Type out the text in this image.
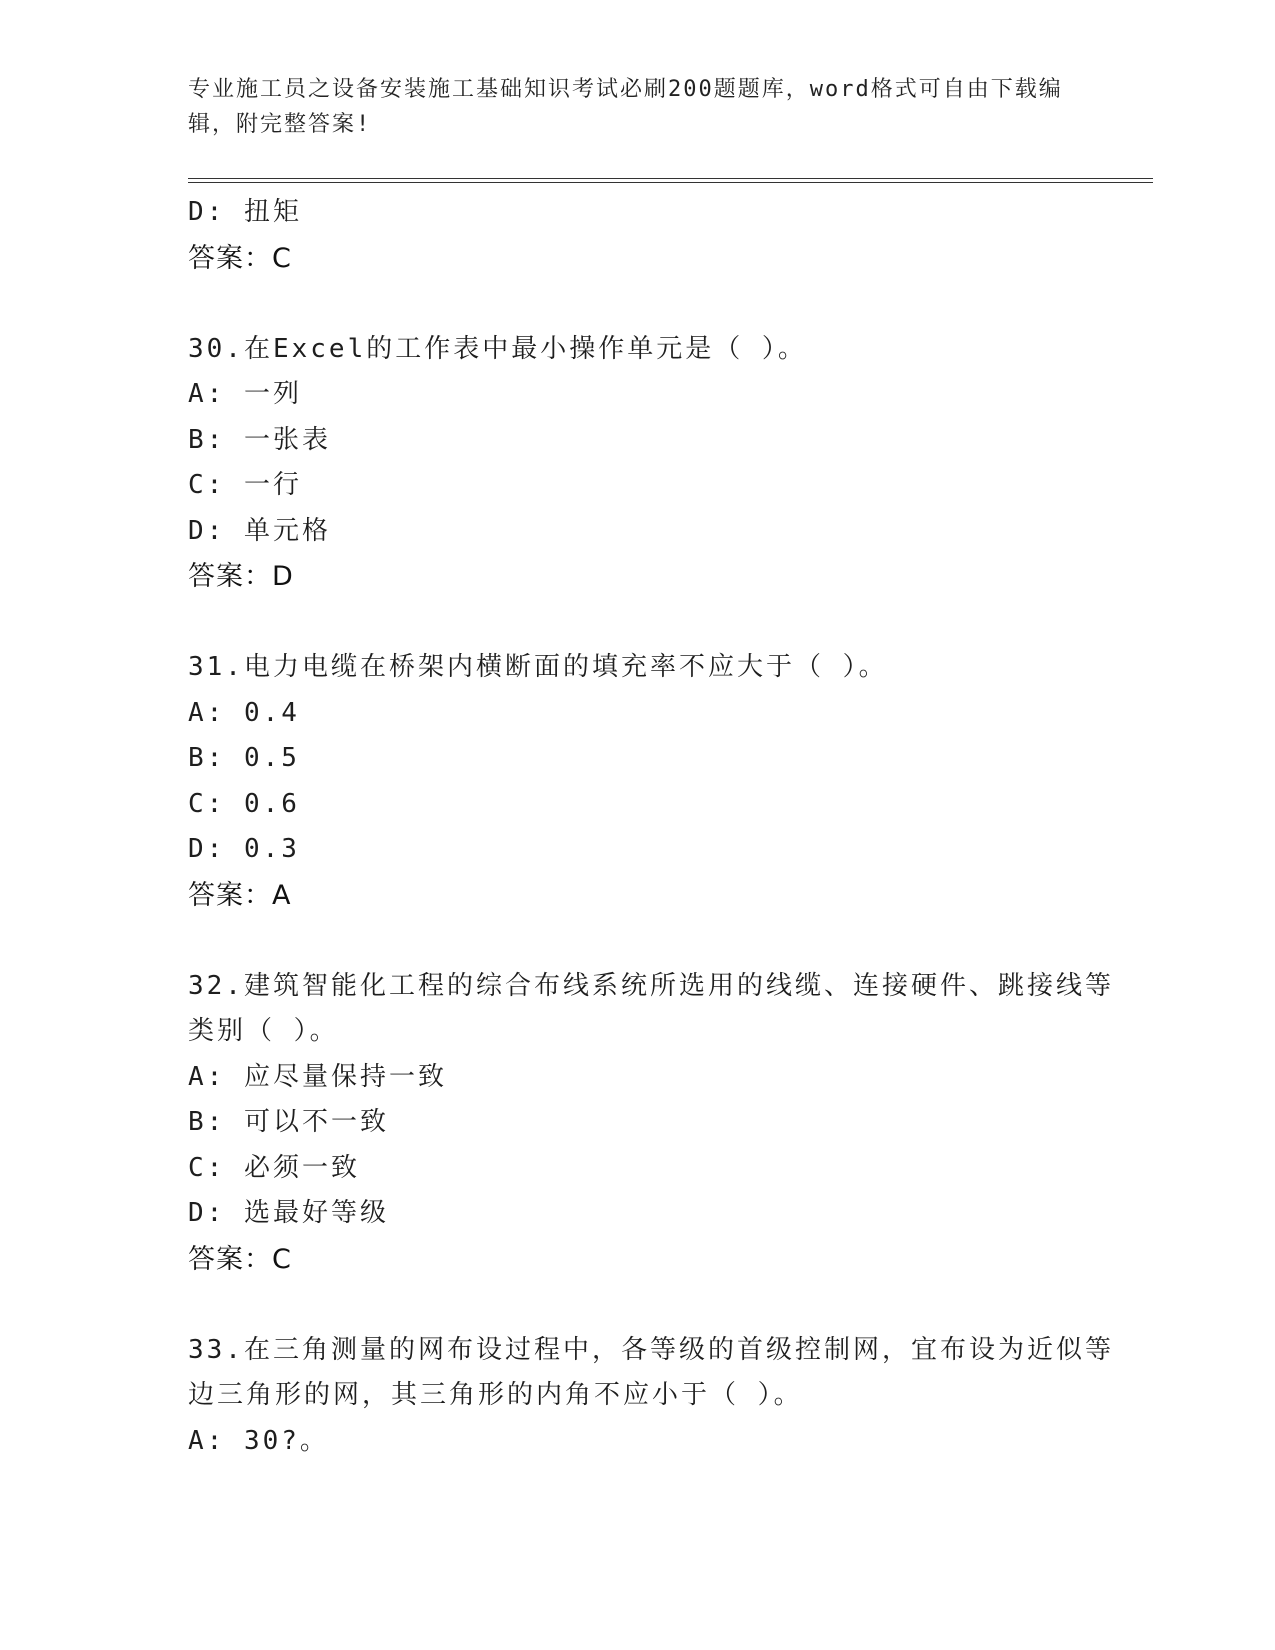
专业施工员之设备安装施工基础知识考试必刷200题题库，word格式可自由下载编辑，附完整答案!
D: 扭矩
答案：C
30.在Excel的工作表中最小操作单元是（ ）。
A: 一列
B: 一张表
C: 一行
D: 单元格
答案：D
31.电力电缆在桥架内横断面的填充率不应大于（ ）。
A: 0.4
B: 0.5
C: 0.6
D: 0.3
答案：A
32.建筑智能化工程的综合布线系统所选用的线缆、连接硬件、跳接线等类别（ ）。
A: 应尽量保持一致
B: 可以不一致
C: 必须一致
D: 选最好等级
答案：C
33.在三角测量的网布设过程中，各等级的首级控制网，宜布设为近似等边三角形的网，其三角形的内角不应小于（ ）。
A: 30?。
